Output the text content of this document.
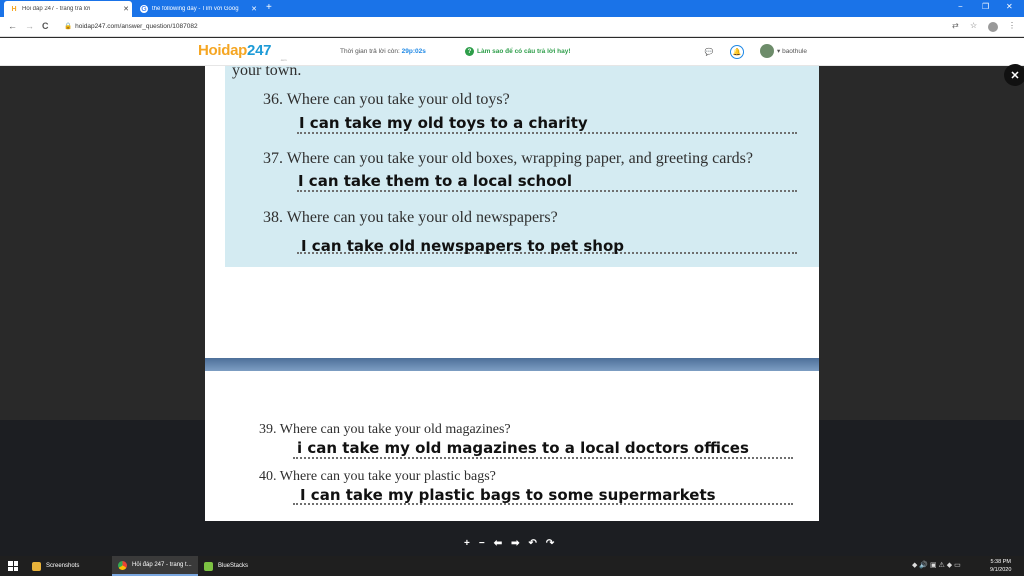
H Hỏi đáp 247 - trang trả lời	✕	G the following day - Tìm với Goog	✕ +	− ❐ ✕
← → C 🔒 hoidap247.com/answer_question/1087082	⇄ ☆	⋮
Hoidap247
.com
Thời gian trả lời còn: 29p:02s	? Làm sao để có câu trả lời hay!	💬	🔔	▾ baothule
✕
your town.
36. Where can you take your old toys?
I can take my old toys to a charity
37. Where can you take your old boxes, wrapping paper, and greeting cards?
I can take them to a local school
38. Where can you take your old newspapers?
I can take old newspapers to pet shop
39. Where can you take your old magazines?
i can take my old magazines to a local doctors offices
40. Where can you take your plastic bags?
I can take my plastic bags to some supermarkets
+ − ⬅ ➡ ↶ ↷
Screenshots	Hỏi đáp 247 - trang t...	BlueStacks	◆ 🔊 ▣ ⚠ ◆ ▭	5:38 PM
9/1/2020
